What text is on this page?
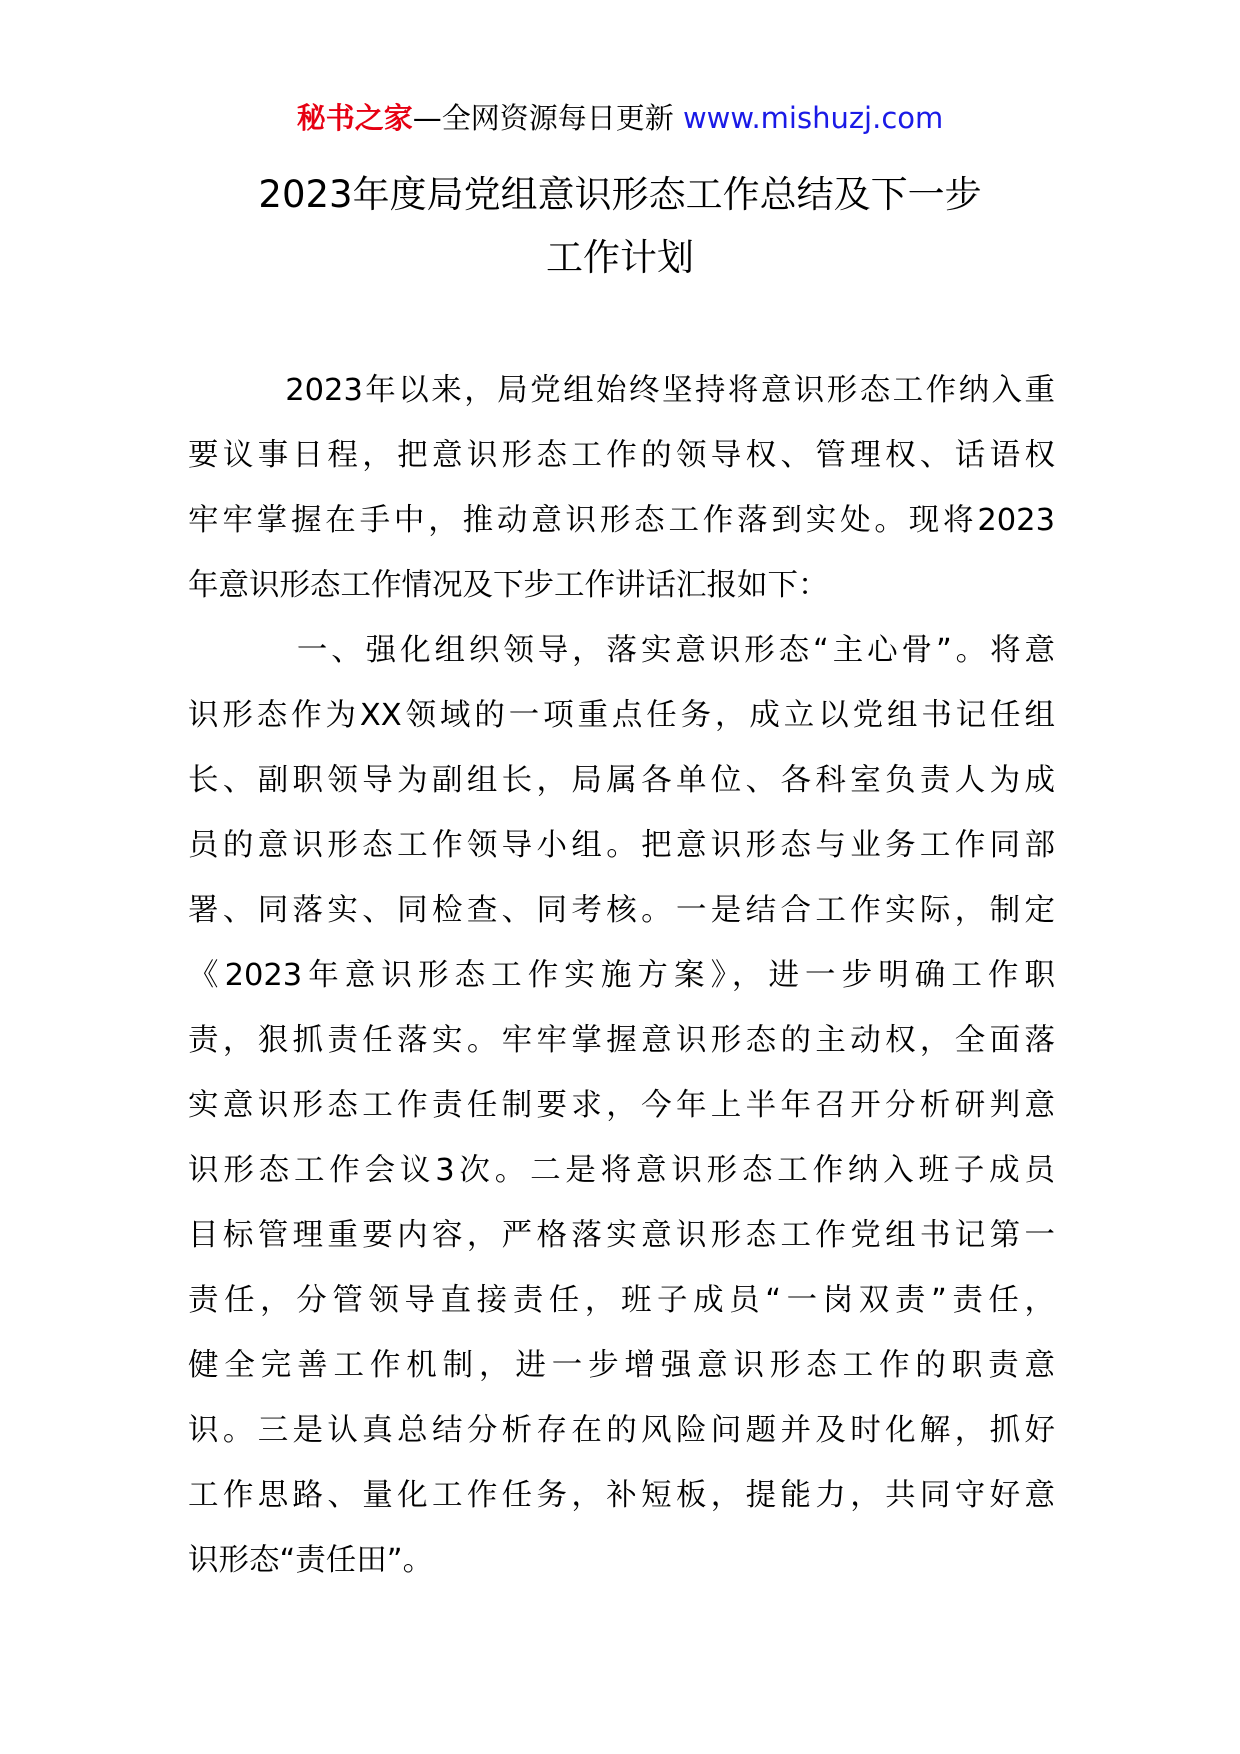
秘书之家—全网资源每日更新 www.mishuzj.com
2023年度局党组意识形态工作总结及下一步
工作计划

2023年以来，局党组始终坚持将意识形态工作纳入重
要议事日程，把意识形态工作的领导权、管理权、话语权
牢牢掌握在手中，推动意识形态工作落到实处。现将2023
年意识形态工作情况及下步工作讲话汇报如下：

一、强化组织领导，落实意识形态“主心骨”。将意
识形态作为XX领域的一项重点任务，成立以党组书记任组
长、副职领导为副组长，局属各单位、各科室负责人为成
员的意识形态工作领导小组。把意识形态与业务工作同部
署、同落实、同检查、同考核。一是结合工作实际，制定
《2023年意识形态工作实施方案》，进一步明确工作职
责，狠抓责任落实。牢牢掌握意识形态的主动权，全面落
实意识形态工作责任制要求，今年上半年召开分析研判意
识形态工作会议3次。二是将意识形态工作纳入班子成员
目标管理重要内容，严格落实意识形态工作党组书记第一
责任，分管领导直接责任，班子成员“一岗双责”责任，
健全完善工作机制，进一步增强意识形态工作的职责意
识。三是认真总结分析存在的风险问题并及时化解，抓好
工作思路、量化工作任务，补短板，提能力，共同守好意
识形态“责任田”。
